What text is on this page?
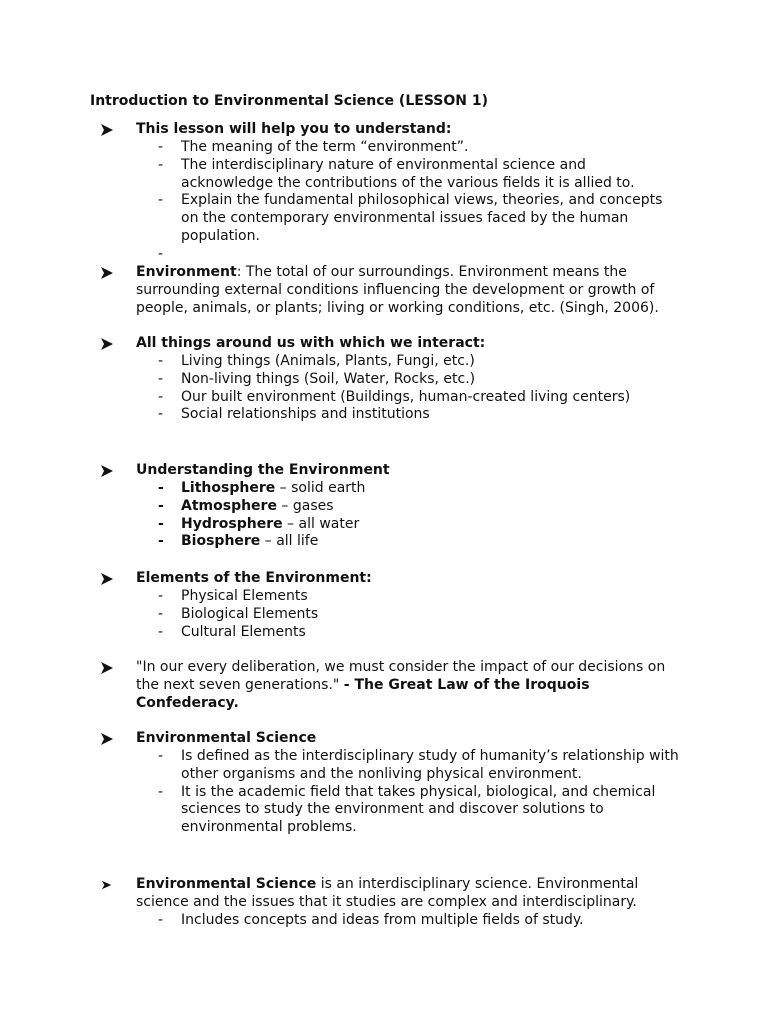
Introduction to Environmental Science (LESSON 1)
This lesson will help you to understand:
-	The meaning of the term “environment”.
-	The interdisciplinary nature of environmental science and acknowledge the contributions of the various fields it is allied to.
-	Explain the fundamental philosophical views, theories, and concepts on the contemporary environmental issues faced by the human population.
-

Environment: The total of our surroundings. Environment means the surrounding external conditions influencing the development or growth of people, animals, or plants; living or working conditions, etc. (Singh, 2006).
All things around us with which we interact:
-	Living things (Animals, Plants, Fungi, etc.)
-	Non-living things (Soil, Water, Rocks, etc.)
-	Our built environment (Buildings, human-created living centers)
-	Social relationships and institutions
Understanding the Environment
- Lithosphere – solid earth
- Atmosphere – gases
- Hydrosphere – all water
- Biosphere – all life
Elements of the Environment:
-	Physical Elements
-	Biological Elements
-	Cultural Elements
"In our every deliberation, we must consider the impact of our decisions on the next seven generations." - The Great Law of the Iroquois Confederacy.
Environmental Science
-	Is defined as the interdisciplinary study of humanity’s relationship with other organisms and the nonliving physical environment.
-	It is the academic field that takes physical, biological, and chemical sciences to study the environment and discover solutions to environmental problems.
Environmental Science is an interdisciplinary science. Environmental science and the issues that it studies are complex and interdisciplinary.
-	Includes concepts and ideas from multiple fields of study.
